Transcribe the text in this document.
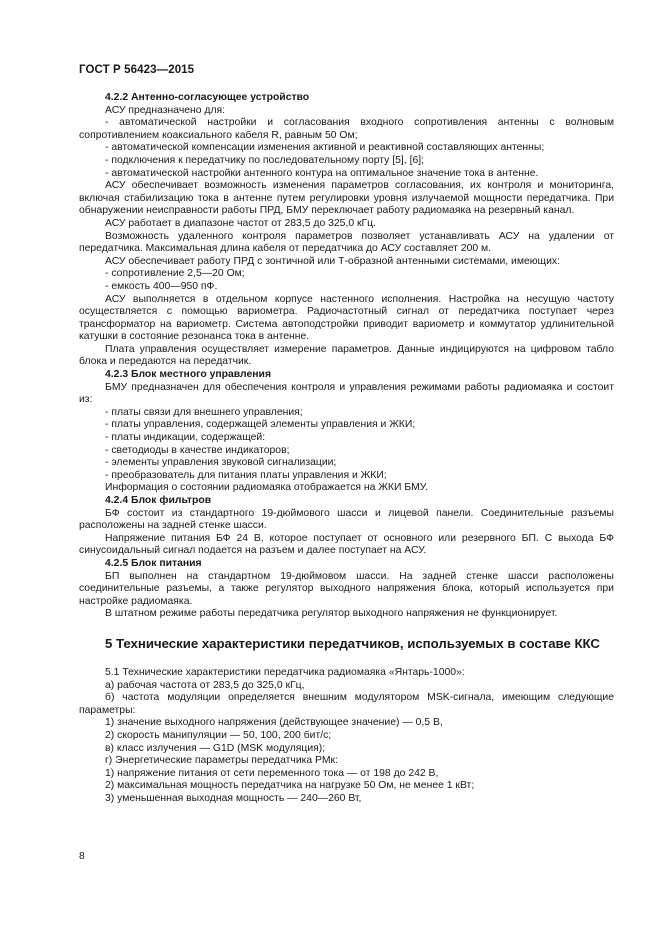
ГОСТ Р 56423—2015

4.2.2 Антенно-согласующее устройство

АСУ предназначено для:

- автоматической настройки и согласования входного сопротивления антенны с волновым сопротивлением коаксиального кабеля R, равным 50 Ом;

- автоматической компенсации изменения активной и реактивной составляющих антенны;

- подключения к передатчику по последовательному порту [5], [6];

- автоматической настройки антенного контура на оптимальное значение тока в антенне.

АСУ обеспечивает возможность изменения параметров согласования, их контроля и мониторинга, включая стабилизацию тока в антенне путем регулировки уровня излучаемой мощности передатчика. При обнаружении неисправности работы ПРД, БМУ переключает работу радиомаяка на резервный канал.

АСУ работает в диапазоне частот от 283,5 до 325,0 кГц.

Возможность удаленного контроля параметров позволяет устанавливать АСУ на удалении от передатчика. Максимальная длина кабеля от передатчика до АСУ составляет 200 м.

АСУ обеспечивает работу ПРД с зонтичной или Т-образной антенными системами, имеющих:

- сопротивление 2,5—20 Ом;

- емкость 400—950 пФ.

АСУ выполняется в отдельном корпусе настенного исполнения. Настройка на несущую частоту осуществляется с помощью вариометра. Радиочастотный сигнал от передатчика поступает через трансформатор на вариометр. Система автоподстройки приводит вариометр и коммутатор удлинительной катушки в состояние резонанса тока в антенне.

Плата управления осуществляет измерение параметров. Данные индицируются на цифровом табло блока и передаются на передатчик.

4.2.3 Блок местного управления

БМУ предназначен для обеспечения контроля и управления режимами работы радиомаяка и состоит из:

- платы связи для внешнего управления;

- платы управления, содержащей элементы управления и ЖКИ;

- платы индикации, содержащей:

- светодиоды в качестве индикаторов;

- элементы управления звуковой сигнализации;

- преобразователь для питания платы управления и ЖКИ;

Информация о состоянии радиомаяка отображается на ЖКИ БМУ.

4.2.4 Блок фильтров

БФ состоит из стандартного 19-дюймового шасси и лицевой панели. Соединительные разъемы расположены на задней стенке шасси.

Напряжение питания БФ 24 В, которое поступает от основного или резервного БП. С выхода БФ синусоидальный сигнал подается на разъем и далее поступает на АСУ.

4.2.5 Блок питания

БП выполнен на стандартном 19-дюймовом шасси. На задней стенке шасси расположены соединительные разъемы, а также регулятор выходного напряжения блока, который используется при настройке радиомаяка.

В штатном режиме работы передатчика регулятор выходного напряжения не функционирует.

5 Технические характеристики передатчиков, используемых в составе ККС

5.1 Технические характеристики передатчика радиомаяка «Янтарь-1000»:

а) рабочая частота от 283,5 до 325,0 кГц,

б) частота модуляции определяется внешним модулятором MSK-сигнала, имеющим следующие параметры:

1) значение выходного напряжения (действующее значение) — 0,5 В,

2) скорость манипуляции — 50, 100, 200 бит/с;

в) класс излучения — G1D (MSK модуляция);

г) Энергетические параметры передатчика РМк:

1) напряжение питания от сети переменного тока — от 198 до 242 В,

2) максимальная мощность передатчика на нагрузке 50 Ом, не менее 1 кВт;

3) уменьшенная выходная мощность — 240—260 Вт,

8
